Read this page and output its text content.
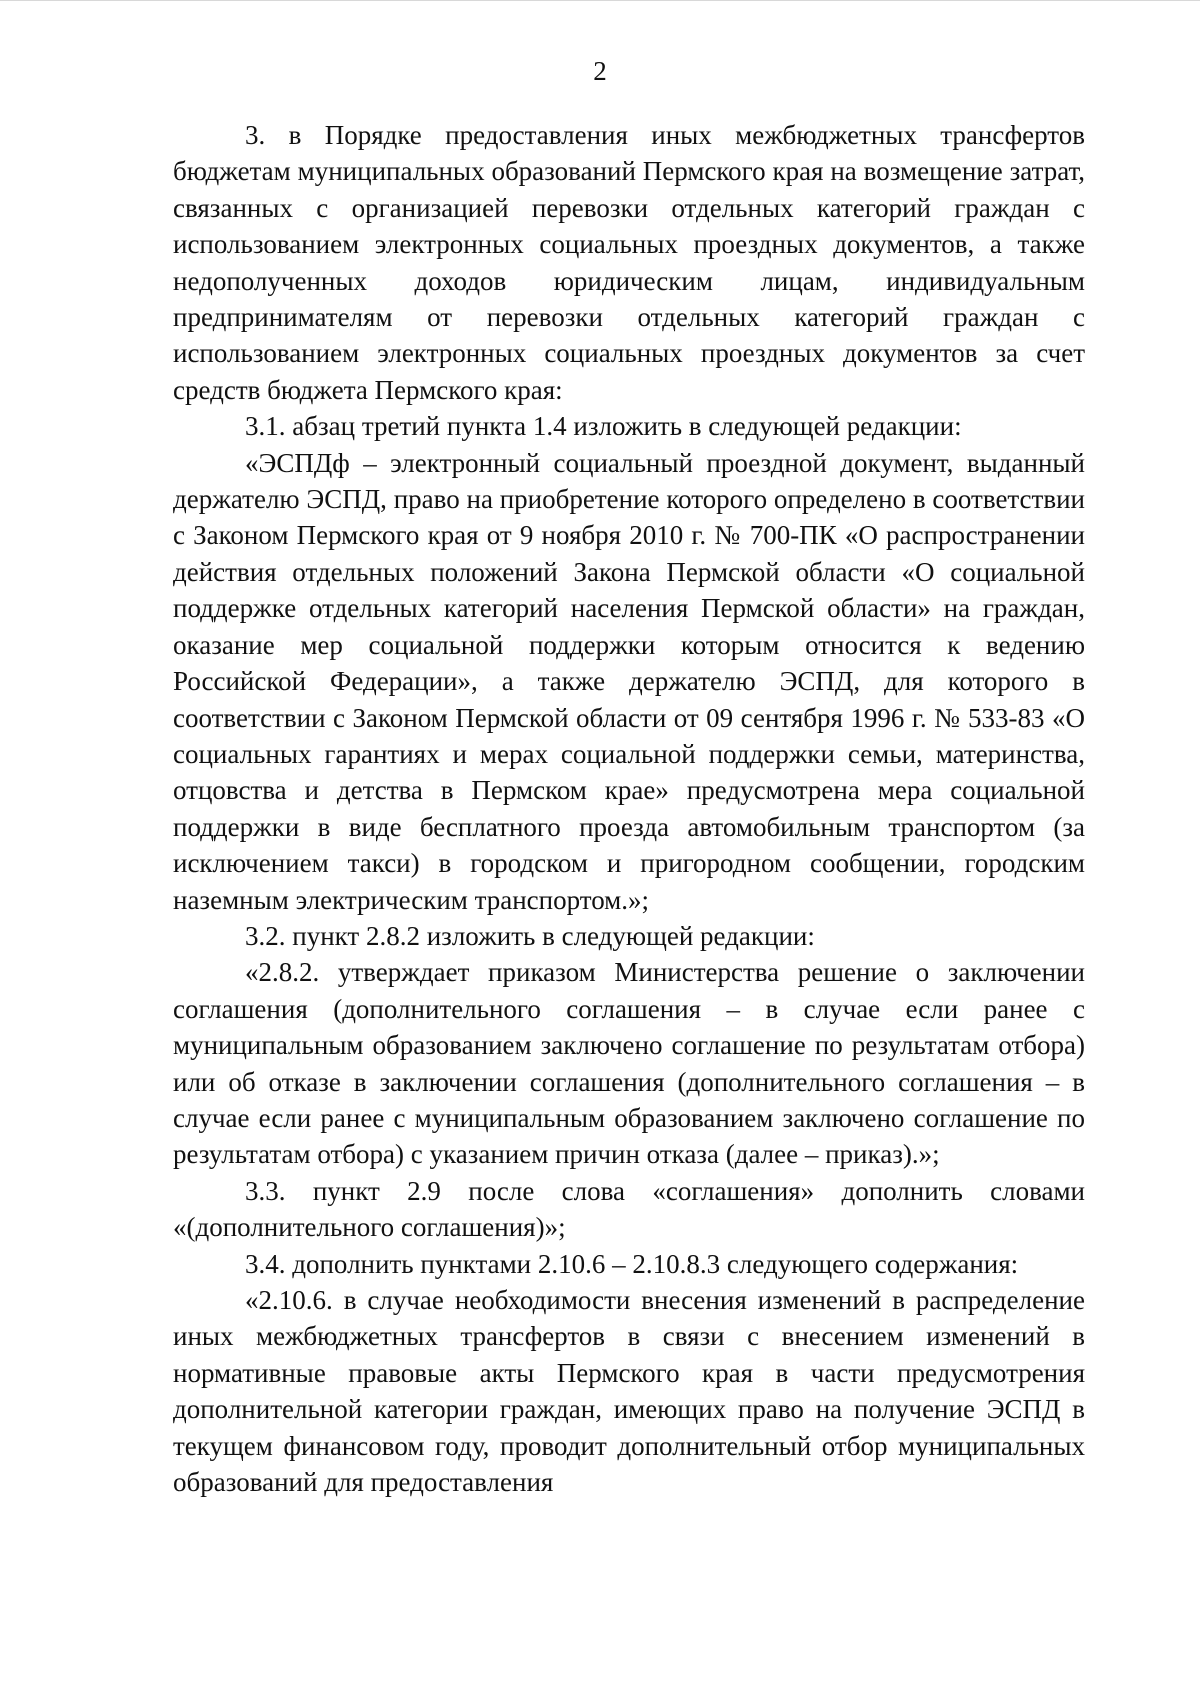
2

3. в Порядке предоставления иных межбюджетных трансфертов бюджетам муниципальных образований Пермского края на возмещение затрат, связанных с организацией перевозки отдельных категорий граждан с использованием электронных социальных проездных документов, а также недополученных доходов юридическим лицам, индивидуальным предпринимателям от перевозки отдельных категорий граждан с использованием электронных социальных проездных документов за счет средств бюджета Пермского края:

3.1. абзац третий пункта 1.4 изложить в следующей редакции:

«ЭСПДф – электронный социальный проездной документ, выданный держателю ЭСПД, право на приобретение которого определено в соответствии с Законом Пермского края от 9 ноября 2010 г. № 700-ПК «О распространении действия отдельных положений Закона Пермской области «О социальной поддержке отдельных категорий населения Пермской области» на граждан, оказание мер социальной поддержки которым относится к ведению Российской Федерации», а также держателю ЭСПД, для которого в соответствии с Законом Пермской области от 09 сентября 1996 г. № 533-83 «О социальных гарантиях и мерах социальной поддержки семьи, материнства, отцовства и детства в Пермском крае» предусмотрена мера социальной поддержки в виде бесплатного проезда автомобильным транспортом (за исключением такси) в городском и пригородном сообщении, городским наземным электрическим транспортом.»;

3.2. пункт 2.8.2 изложить в следующей редакции:

«2.8.2. утверждает приказом Министерства решение о заключении соглашения (дополнительного соглашения – в случае если ранее с муниципальным образованием заключено соглашение по результатам отбора) или об отказе в заключении соглашения (дополнительного соглашения – в случае если ранее с муниципальным образованием заключено соглашение по результатам отбора) с указанием причин отказа (далее – приказ).»;

3.3. пункт 2.9 после слова «соглашения» дополнить словами «(дополнительного соглашения)»;

3.4. дополнить пунктами 2.10.6 – 2.10.8.3 следующего содержания:

«2.10.6. в случае необходимости внесения изменений в распределение иных межбюджетных трансфертов в связи с внесением изменений в нормативные правовые акты Пермского края в части предусмотрения дополнительной категории граждан, имеющих право на получение ЭСПД в текущем финансовом году, проводит дополнительный отбор муниципальных образований для предоставления
